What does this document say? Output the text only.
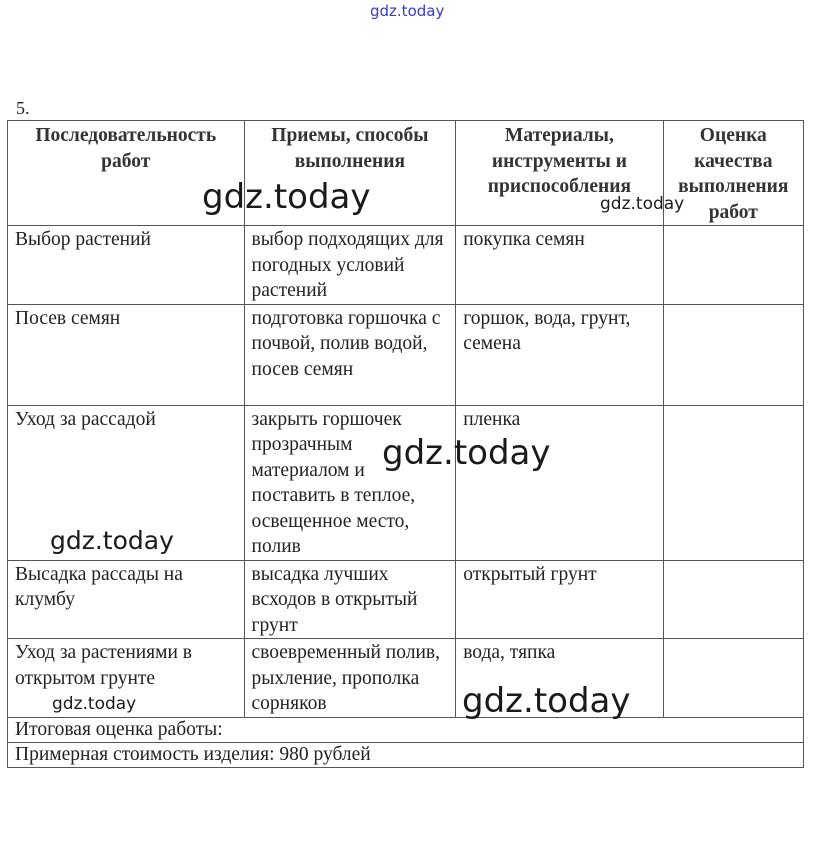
gdz.today
5.
Последовательность работ	Приемы, способы выполнения	Материалы, инструменты и приспособления	Оценка качества выполнения работ
Выбор растений	выбор подходящих для погодных условий растений	покупка семян	
Посев семян	подготовка горшочка с почвой, полив водой, посев семян	горшок, вода, грунт, семена	
Уход за рассадой	закрыть горшочек прозрачным материалом и поставить в теплое, освещенное место, полив	пленка	
Высадка рассады на клумбу	высадка лучших всходов в открытый грунт	открытый грунт	
Уход за растениями в открытом грунте	своевременный полив, рыхление, прополка сорняков	вода, тяпка	
Итоговая оценка работы:			
Примерная стоимость изделия: 980 рублей			
gdz.today	gdz.today
gdz.today
gdz.today
gdz.today
gdz.today
